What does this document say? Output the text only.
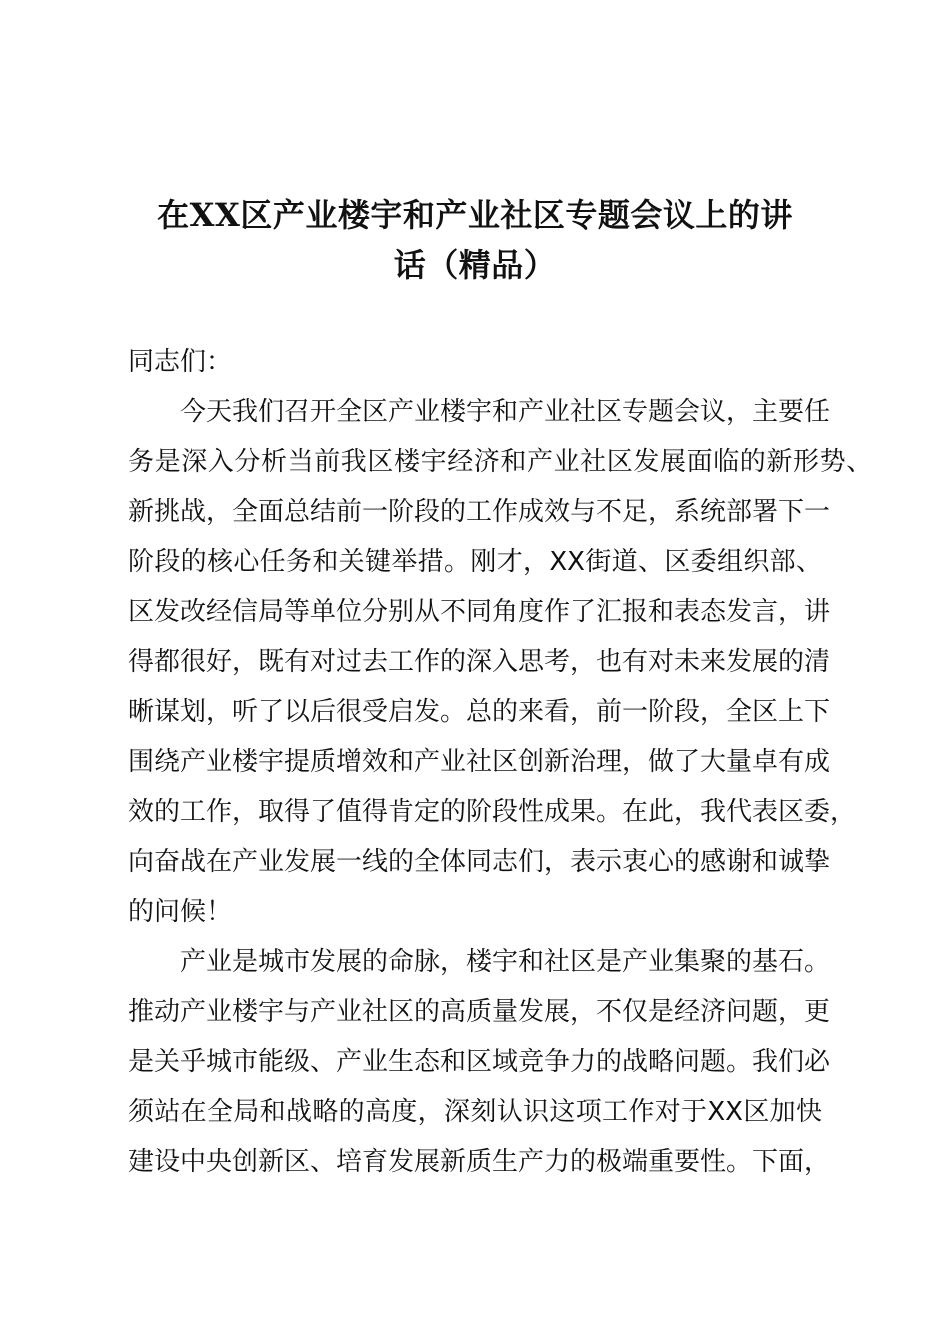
在XX区产业楼宇和产业社区专题会议上的讲
话（精品）
同志们：
今天我们召开全区产业楼宇和产业社区专题会议，主要任
务是深入分析当前我区楼宇经济和产业社区发展面临的新形势、
新挑战，全面总结前一阶段的工作成效与不足，系统部署下一
阶段的核心任务和关键举措。刚才，XX街道、区委组织部、
区发改经信局等单位分别从不同角度作了汇报和表态发言，讲
得都很好，既有对过去工作的深入思考，也有对未来发展的清
晰谋划，听了以后很受启发。总的来看，前一阶段，全区上下
围绕产业楼宇提质增效和产业社区创新治理，做了大量卓有成
效的工作，取得了值得肯定的阶段性成果。在此，我代表区委，
向奋战在产业发展一线的全体同志们，表示衷心的感谢和诚挚
的问候！
产业是城市发展的命脉，楼宇和社区是产业集聚的基石。
推动产业楼宇与产业社区的高质量发展，不仅是经济问题，更
是关乎城市能级、产业生态和区域竞争力的战略问题。我们必
须站在全局和战略的高度，深刻认识这项工作对于XX区加快
建设中央创新区、培育发展新质生产力的极端重要性。下面，
